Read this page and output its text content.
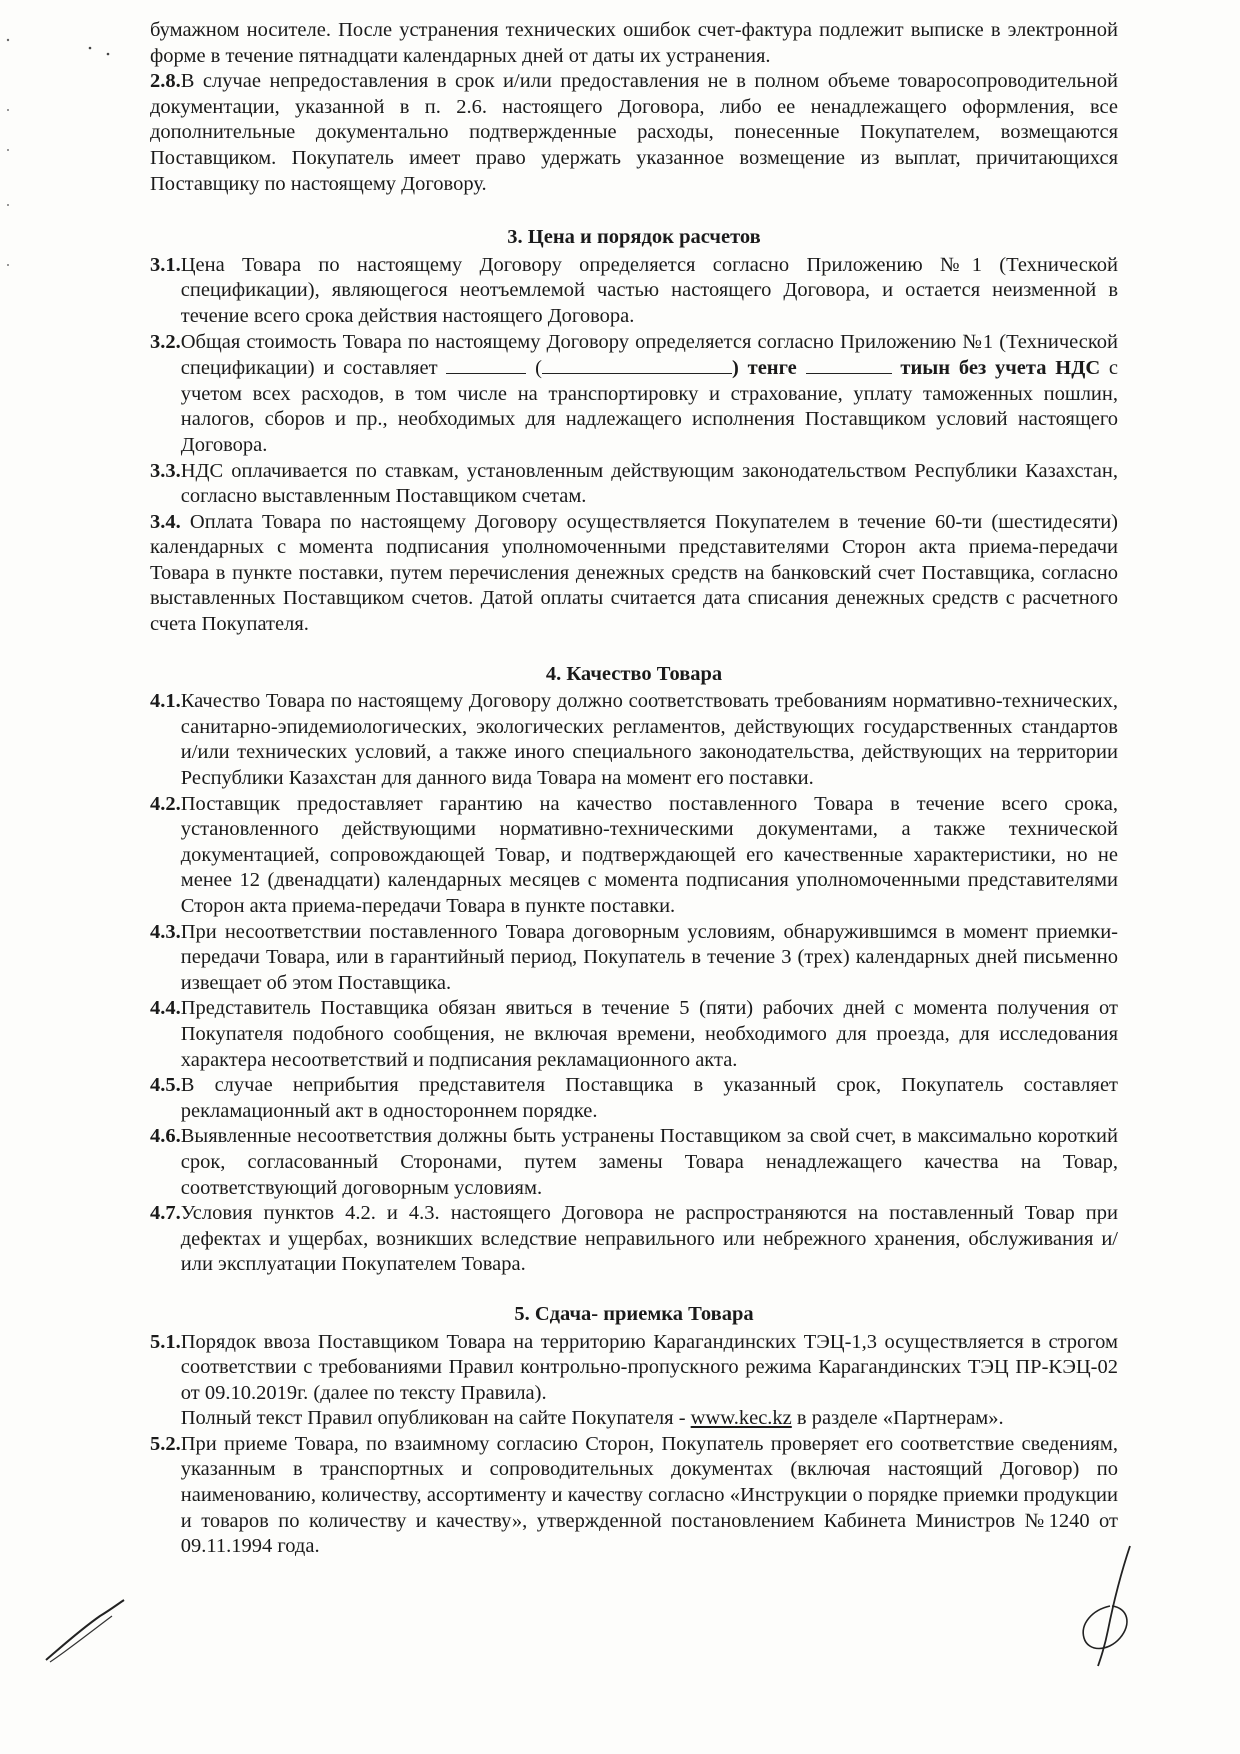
бумажном носителе. После устранения технических ошибок счет-фактура подлежит выписке в электронной форме в течение пятнадцати календарных дней от даты их устранения.

2.8.В случае непредоставления в срок и/или предоставления не в полном объеме товаросопроводительной документации, указанной в п. 2.6. настоящего Договора, либо ее ненадлежащего оформления, все дополнительные документально подтвержденные расходы, понесенные Покупателем, возмещаются Поставщиком. Покупатель имеет право удержать указанное возмещение из выплат, причитающихся Поставщику по настоящему Договору.

3. Цена и порядок расчетов

3.1. Цена Товара по настоящему Договору определяется согласно Приложению №1 (Технической спецификации), являющегося неотъемлемой частью настоящего Договора, и остается неизменной в течение всего срока действия настоящего Договора.

3.2. Общая стоимость Товара по настоящему Договору определяется согласно Приложению №1 (Технической спецификации) и составляет	(	) тенге	тиын без учета НДС с учетом всех расходов, в том числе на транспортировку и страхование, уплату таможенных пошлин, налогов, сборов и пр., необходимых для надлежащего исполнения Поставщиком условий настоящего Договора.

3.3. НДС оплачивается по ставкам, установленным действующим законодательством Республики Казахстан, согласно выставленным Поставщиком счетам.

3.4. Оплата Товара по настоящему Договору осуществляется Покупателем в течение 60-ти (шестидесяти) календарных с момента подписания уполномоченными представителями Сторон акта приема-передачи Товара в пункте поставки, путем перечисления денежных средств на банковский счет Поставщика, согласно выставленных Поставщиком счетов. Датой оплаты считается дата списания денежных средств с расчетного счета Покупателя.

4. Качество Товара

4.1. Качество Товара по настоящему Договору должно соответствовать требованиям нормативно-технических, санитарно-эпидемиологических, экологических регламентов, действующих государственных стандартов и/или технических условий, а также иного специального законодательства, действующих на территории Республики Казахстан для данного вида Товара на момент его поставки.

4.2. Поставщик предоставляет гарантию на качество поставленного Товара в течение всего срока, установленного действующими нормативно-техническими документами, а также технической документацией, сопровождающей Товар, и подтверждающей его качественные характеристики, но не менее 12 (двенадцати) календарных месяцев с момента подписания уполномоченными представителями Сторон акта приема-передачи Товара в пункте поставки.

4.3. При несоответствии поставленного Товара договорным условиям, обнаружившимся в момент приемки-передачи Товара, или в гарантийный период, Покупатель в течение 3 (трех) календарных дней письменно извещает об этом Поставщика.

4.4. Представитель Поставщика обязан явиться в течение 5 (пяти) рабочих дней с момента получения от Покупателя подобного сообщения, не включая времени, необходимого для проезда, для исследования характера несоответствий и подписания рекламационного акта.

4.5. В случае неприбытия представителя Поставщика в указанный срок, Покупатель составляет рекламационный акт в одностороннем порядке.

4.6. Выявленные несоответствия должны быть устранены Поставщиком за свой счет, в максимально короткий срок, согласованный Сторонами, путем замены Товара ненадлежащего качества на Товар, соответствующий договорным условиям.

4.7. Условия пунктов 4.2. и 4.3. настоящего Договора не распространяются на поставленный Товар при дефектах и ущербах, возникших вследствие неправильного или небрежного хранения, обслуживания и/или эксплуатации Покупателем Товара.

5. Сдача- приемка Товара

5.1. Порядок ввоза Поставщиком Товара на территорию Карагандинских ТЭЦ-1,3 осуществляется в строгом соответствии с требованиями Правил контрольно-пропускного режима Карагандинских ТЭЦ ПР-КЭЦ-02 от 09.10.2019г. (далее по тексту Правила).

Полный текст Правил опубликован на сайте Покупателя - www.kec.kz в разделе «Партнерам».

5.2. При приеме Товара, по взаимному согласию Сторон, Покупатель проверяет его соответствие сведениям, указанным в транспортных и сопроводительных документах (включая настоящий Договор) по наименованию, количеству, ассортименту и качеству согласно «Инструкции о порядке приемки продукции и товаров по количеству и качеству», утвержденной постановлением Кабинета Министров №1240 от 09.11.1994 года.
